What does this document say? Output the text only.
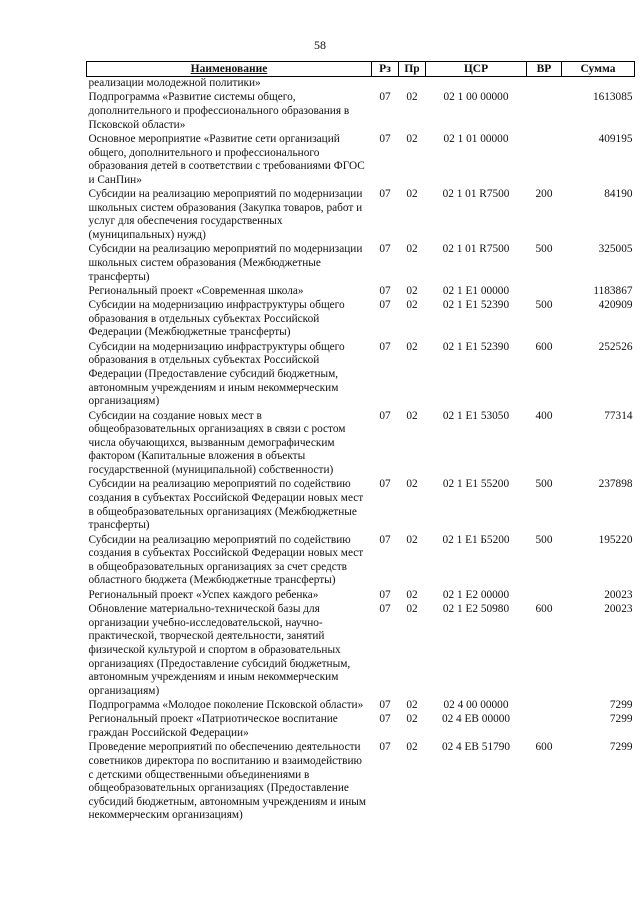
58
Наименование	Рз	Пр	ЦСР	ВР	Сумма
реализации молодежной политики»					
Подпрограмма «Развитие системы общего, дополнительного и профессионального образования в Псковской области»	07	02	02 1 00 00000		1613085
Основное мероприятие «Развитие сети организаций общего, дополнительного и профессионального образования детей в соответствии с требованиями ФГОС и СанПин»	07	02	02 1 01 00000		409195
Субсидии на реализацию мероприятий по модернизации школьных систем образования (Закупка товаров, работ и услуг для обеспечения государственных (муниципальных) нужд)	07	02	02 1 01 R7500	200	84190
Субсидии на реализацию мероприятий по модернизации школьных систем образования (Межбюджетные трансферты)	07	02	02 1 01 R7500	500	325005
Региональный проект «Современная школа»	07	02	02 1 E1 00000		1183867
Субсидии на модернизацию инфраструктуры общего образования в отдельных субъектах Российской Федерации (Межбюджетные трансферты)	07	02	02 1 E1 52390	500	420909
Субсидии на модернизацию инфраструктуры общего образования в отдельных субъектах Российской Федерации (Предоставление субсидий бюджетным, автономным учреждениям и иным некоммерческим организациям)	07	02	02 1 E1 52390	600	252526
Субсидии на создание новых мест в общеобразовательных организациях в связи с ростом числа обучающихся, вызванным демографическим фактором (Капитальные вложения в объекты государственной (муниципальной) собственности)	07	02	02 1 E1 53050	400	77314
Субсидии на реализацию мероприятий по содействию создания в субъектах Российской Федерации новых мест в общеобразовательных организациях (Межбюджетные трансферты)	07	02	02 1 E1 55200	500	237898
Субсидии на реализацию мероприятий по содействию создания в субъектах Российской Федерации новых мест в общеобразовательных организациях за счет средств областного бюджета (Межбюджетные трансферты)	07	02	02 1 E1 Б5200	500	195220
Региональный проект «Успех каждого ребенка»	07	02	02 1 E2 00000		20023
Обновление материально-технической базы для организации учебно-исследовательской, научно-практической, творческой деятельности, занятий физической культурой и спортом в образовательных организациях (Предоставление субсидий бюджетным, автономным учреждениям и иным некоммерческим организациям)	07	02	02 1 E2 50980	600	20023
Подпрограмма «Молодое поколение Псковской области»	07	02	02 4 00 00000		7299
Региональный проект «Патриотическое воспитание граждан Российской Федерации»	07	02	02 4 EB 00000		7299
Проведение мероприятий по обеспечению деятельности советников директора по воспитанию и взаимодействию с детскими общественными объединениями в общеобразовательных организациях (Предоставление субсидий бюджетным, автономным учреждениям и иным некоммерческим организациям)	07	02	02 4 EB 51790	600	7299
